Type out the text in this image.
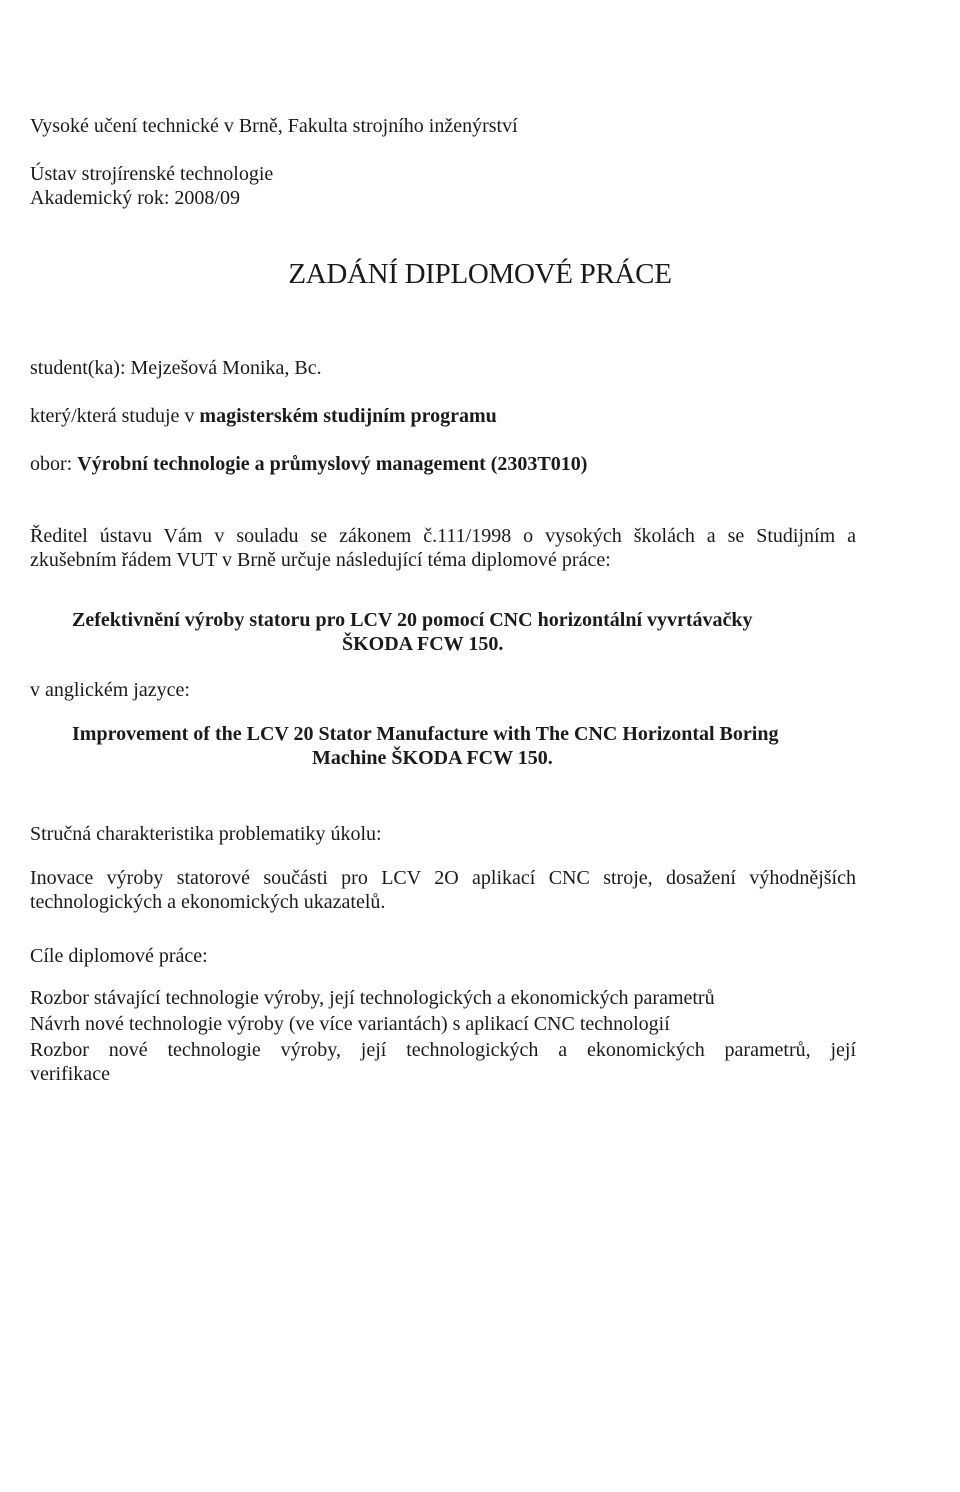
Vysoké učení technické v Brně, Fakulta strojního inženýrství
Ústav strojírenské technologie
Akademický rok: 2008/09
ZADÁNÍ DIPLOMOVÉ PRÁCE
student(ka): Mejzešová Monika, Bc.
který/která studuje v magisterském studijním programu
obor: Výrobní technologie a průmyslový management (2303T010)
Ředitel ústavu Vám v souladu se zákonem č.111/1998 o vysokých školách a se Studijním a
zkušebním řádem VUT v Brně určuje následující téma diplomové práce:
Zefektivnění výroby statoru pro LCV 20 pomocí CNC horizontální vyvrtávačky
ŠKODA FCW 150.
v anglickém jazyce:
Improvement of the LCV 20 Stator Manufacture with The CNC Horizontal Boring
Machine ŠKODA FCW 150.
Stručná charakteristika problematiky úkolu:
Inovace výroby statorové součásti pro LCV 2O aplikací CNC stroje, dosažení výhodnějších
technologických a ekonomických ukazatelů.
Cíle diplomové práce:
Rozbor stávající technologie výroby, její technologických a ekonomických parametrů
Návrh nové technologie výroby (ve více variantách) s aplikací CNC technologií
Rozbor nové technologie výroby, její technologických a ekonomických parametrů, její
verifikace
